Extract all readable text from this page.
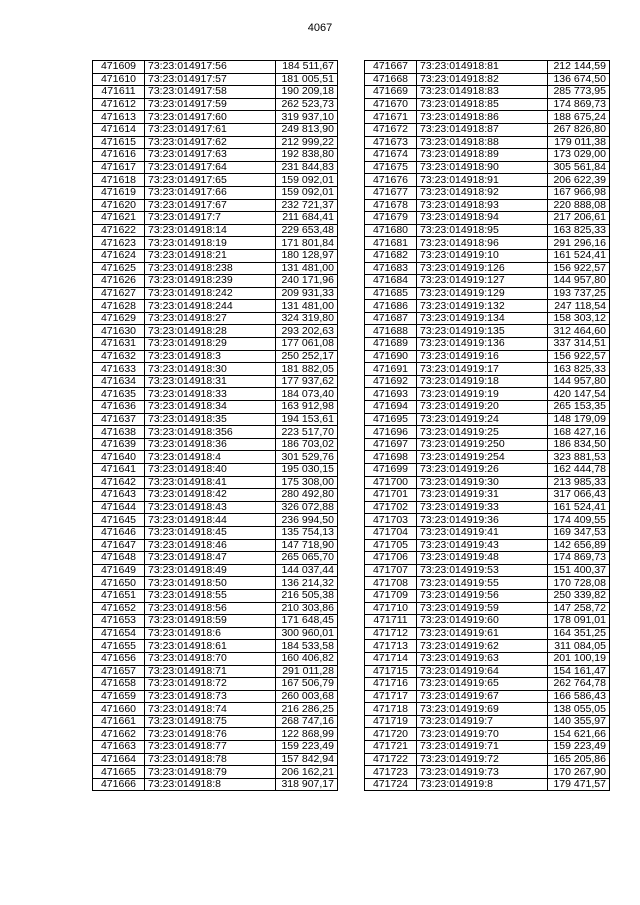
4067
471609	73:23:014917:56	184 511,67
471610	73:23:014917:57	181 005,51
471611	73:23:014917:58	190 209,18
471612	73:23:014917:59	262 523,73
471613	73:23:014917:60	319 937,10
471614	73:23:014917:61	249 813,90
471615	73:23:014917:62	212 999,22
471616	73:23:014917:63	192 838,80
471617	73:23:014917:64	231 844,83
471618	73:23:014917:65	159 092,01
471619	73:23:014917:66	159 092,01
471620	73:23:014917:67	232 721,37
471621	73:23:014917:7	211 684,41
471622	73:23:014918:14	229 653,48
471623	73:23:014918:19	171 801,84
471624	73:23:014918:21	180 128,97
471625	73:23:014918:238	131 481,00
471626	73:23:014918:239	240 171,96
471627	73:23:014918:242	209 931,33
471628	73:23:014918:244	131 481,00
471629	73:23:014918:27	324 319,80
471630	73:23:014918:28	293 202,63
471631	73:23:014918:29	177 061,08
471632	73:23:014918:3	250 252,17
471633	73:23:014918:30	181 882,05
471634	73:23:014918:31	177 937,62
471635	73:23:014918:33	184 073,40
471636	73:23:014918:34	163 912,98
471637	73:23:014918:35	194 153,61
471638	73:23:014918:356	223 517,70
471639	73:23:014918:36	186 703,02
471640	73:23:014918:4	301 529,76
471641	73:23:014918:40	195 030,15
471642	73:23:014918:41	175 308,00
471643	73:23:014918:42	280 492,80
471644	73:23:014918:43	326 072,88
471645	73:23:014918:44	236 994,50
471646	73:23:014918:45	135 754,13
471647	73:23:014918:46	147 718,90
471648	73:23:014918:47	265 065,70
471649	73:23:014918:49	144 037,44
471650	73:23:014918:50	136 214,32
471651	73:23:014918:55	216 505,38
471652	73:23:014918:56	210 303,86
471653	73:23:014918:59	171 648,45
471654	73:23:014918:6	300 960,01
471655	73:23:014918:61	184 533,58
471656	73:23:014918:70	160 406,82
471657	73:23:014918:71	291 011,28
471658	73:23:014918:72	167 506,79
471659	73:23:014918:73	260 003,68
471660	73:23:014918:74	216 286,25
471661	73:23:014918:75	268 747,16
471662	73:23:014918:76	122 868,99
471663	73:23:014918:77	159 223,49
471664	73:23:014918:78	157 842,94
471665	73:23:014918:79	206 162,21
471666	73:23:014918:8	318 907,17
471667	73:23:014918:81	212 144,59
471668	73:23:014918:82	136 674,50
471669	73:23:014918:83	285 773,95
471670	73:23:014918:85	174 869,73
471671	73:23:014918:86	188 675,24
471672	73:23:014918:87	267 826,80
471673	73:23:014918:88	179 011,38
471674	73:23:014918:89	173 029,00
471675	73:23:014918:90	305 561,84
471676	73:23:014918:91	206 622,39
471677	73:23:014918:92	167 966,98
471678	73:23:014918:93	220 888,08
471679	73:23:014918:94	217 206,61
471680	73:23:014918:95	163 825,33
471681	73:23:014918:96	291 296,16
471682	73:23:014919:10	161 524,41
471683	73:23:014919:126	156 922,57
471684	73:23:014919:127	144 957,80
471685	73:23:014919:129	193 737,25
471686	73:23:014919:132	247 118,54
471687	73:23:014919:134	158 303,12
471688	73:23:014919:135	312 464,60
471689	73:23:014919:136	337 314,51
471690	73:23:014919:16	156 922,57
471691	73:23:014919:17	163 825,33
471692	73:23:014919:18	144 957,80
471693	73:23:014919:19	420 147,54
471694	73:23:014919:20	265 153,35
471695	73:23:014919:24	148 179,09
471696	73:23:014919:25	168 427,16
471697	73:23:014919:250	186 834,50
471698	73:23:014919:254	323 881,53
471699	73:23:014919:26	162 444,78
471700	73:23:014919:30	213 985,33
471701	73:23:014919:31	317 066,43
471702	73:23:014919:33	161 524,41
471703	73:23:014919:36	174 409,55
471704	73:23:014919:41	169 347,53
471705	73:23:014919:43	142 656,89
471706	73:23:014919:48	174 869,73
471707	73:23:014919:53	151 400,37
471708	73:23:014919:55	170 728,08
471709	73:23:014919:56	250 339,82
471710	73:23:014919:59	147 258,72
471711	73:23:014919:60	178 091,01
471712	73:23:014919:61	164 351,25
471713	73:23:014919:62	311 084,05
471714	73:23:014919:63	201 100,19
471715	73:23:014919:64	154 161,47
471716	73:23:014919:65	262 764,78
471717	73:23:014919:67	166 586,43
471718	73:23:014919:69	138 055,05
471719	73:23:014919:7	140 355,97
471720	73:23:014919:70	154 621,66
471721	73:23:014919:71	159 223,49
471722	73:23:014919:72	165 205,86
471723	73:23:014919:73	170 267,90
471724	73:23:014919:8	179 471,57
